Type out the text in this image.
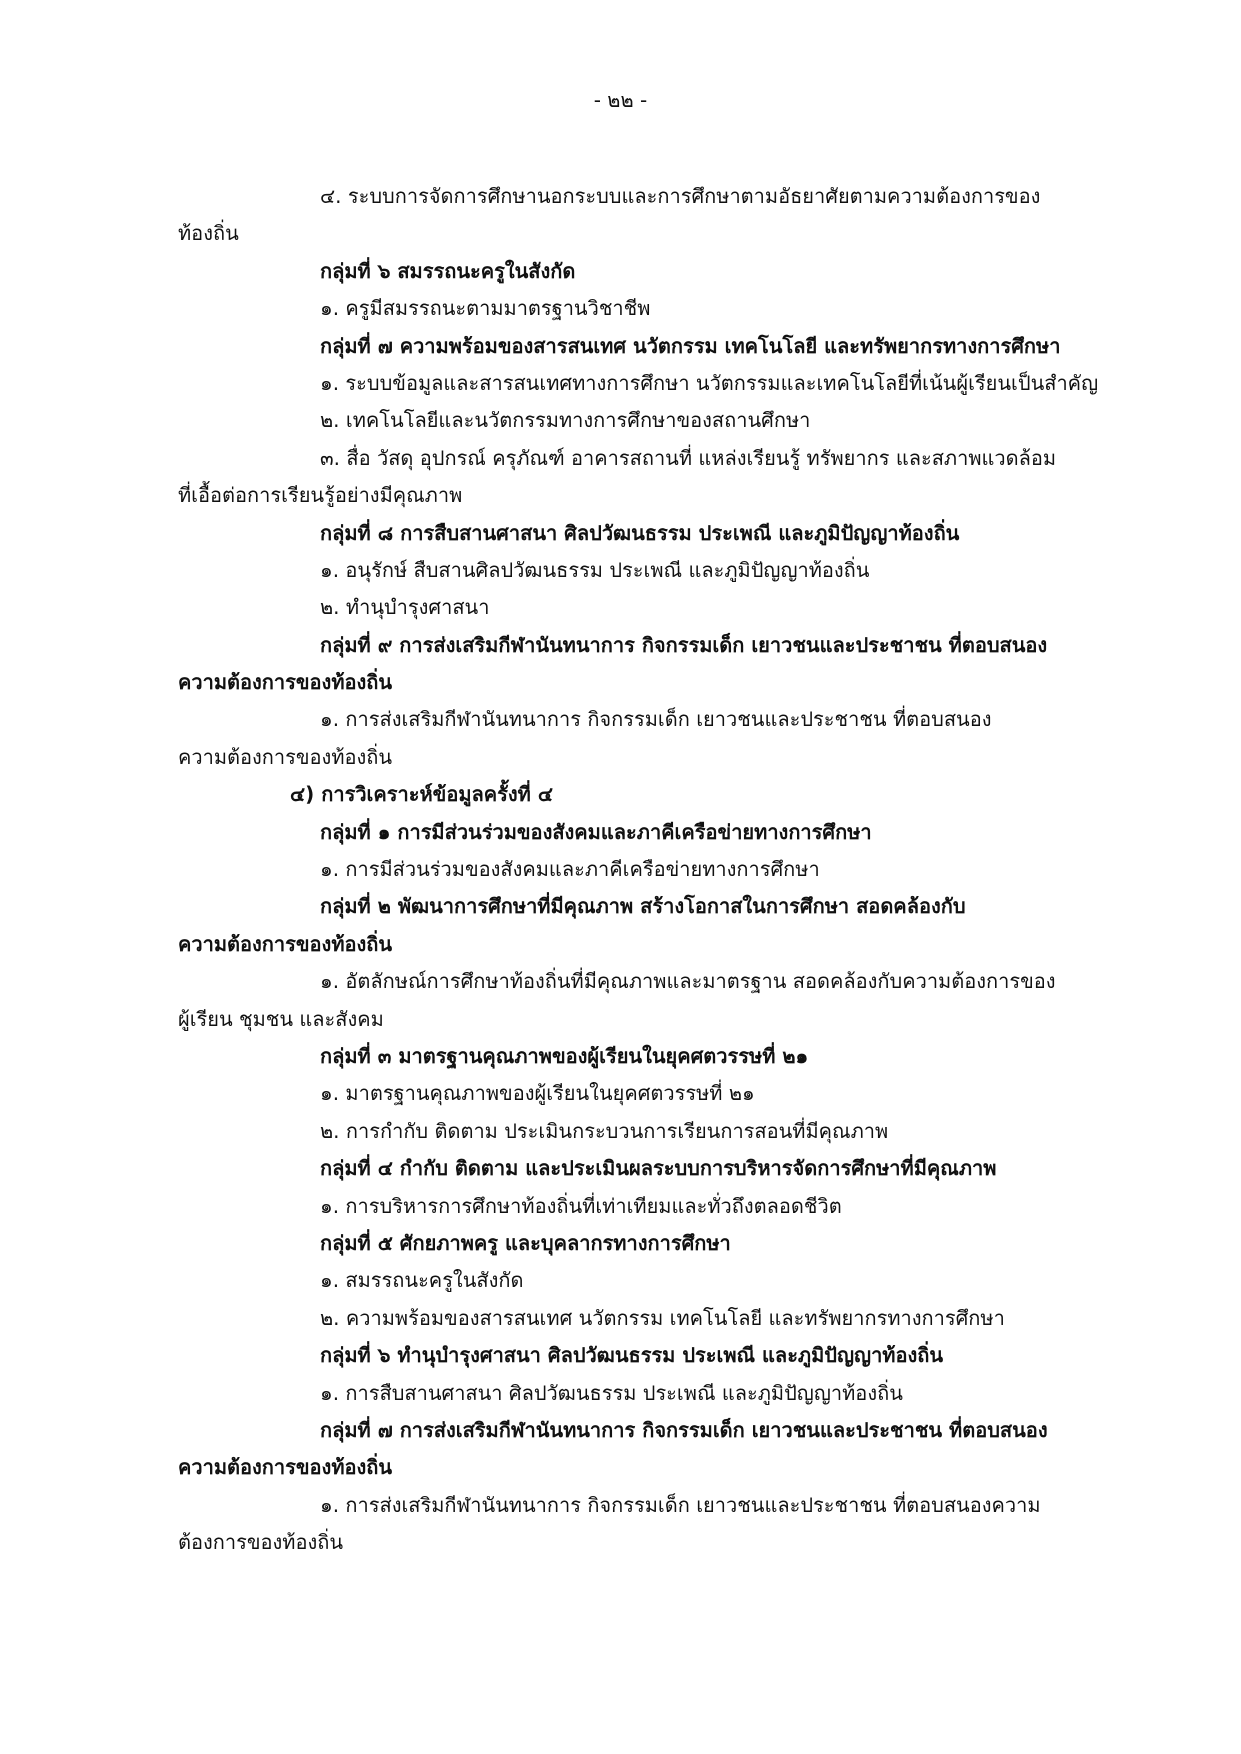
- ๒๒ -
๔. ระบบการจัดการศึกษานอกระบบและการศึกษาตามอัธยาศัยตามความต้องการของ
ท้องถิ่น
กลุ่มที่ ๖ สมรรถนะครูในสังกัด
๑. ครูมีสมรรถนะตามมาตรฐานวิชาชีพ
กลุ่มที่ ๗ ความพร้อมของสารสนเทศ นวัตกรรม เทคโนโลยี และทรัพยากรทางการศึกษา
๑. ระบบข้อมูลและสารสนเทศทางการศึกษา นวัตกรรมและเทคโนโลยีที่เน้นผู้เรียนเป็นสำคัญ
๒. เทคโนโลยีและนวัตกรรมทางการศึกษาของสถานศึกษา
๓. สื่อ วัสดุ อุปกรณ์ ครุภัณฑ์ อาคารสถานที่ แหล่งเรียนรู้ ทรัพยากร และสภาพแวดล้อม
ที่เอื้อต่อการเรียนรู้อย่างมีคุณภาพ
กลุ่มที่ ๘ การสืบสานศาสนา ศิลปวัฒนธรรม ประเพณี และภูมิปัญญาท้องถิ่น
๑. อนุรักษ์ สืบสานศิลปวัฒนธรรม ประเพณี และภูมิปัญญาท้องถิ่น
๒. ทำนุบำรุงศาสนา
กลุ่มที่ ๙ การส่งเสริมกีฬานันทนาการ กิจกรรมเด็ก เยาวชนและประชาชน ที่ตอบสนอง
ความต้องการของท้องถิ่น
๑. การส่งเสริมกีฬานันทนาการ กิจกรรมเด็ก เยาวชนและประชาชน ที่ตอบสนอง
ความต้องการของท้องถิ่น
๔) การวิเคราะห์ข้อมูลครั้งที่ ๔
กลุ่มที่ ๑ การมีส่วนร่วมของสังคมและภาคีเครือข่ายทางการศึกษา
๑. การมีส่วนร่วมของสังคมและภาคีเครือข่ายทางการศึกษา
กลุ่มที่ ๒ พัฒนาการศึกษาที่มีคุณภาพ สร้างโอกาสในการศึกษา สอดคล้องกับ
ความต้องการของท้องถิ่น
๑. อัตลักษณ์การศึกษาท้องถิ่นที่มีคุณภาพและมาตรฐาน สอดคล้องกับความต้องการของ
ผู้เรียน ชุมชน และสังคม
กลุ่มที่ ๓ มาตรฐานคุณภาพของผู้เรียนในยุคศตวรรษที่ ๒๑
๑. มาตรฐานคุณภาพของผู้เรียนในยุคศตวรรษที่ ๒๑
๒. การกำกับ ติดตาม ประเมินกระบวนการเรียนการสอนที่มีคุณภาพ
กลุ่มที่ ๔ กำกับ ติดตาม และประเมินผลระบบการบริหารจัดการศึกษาที่มีคุณภาพ
๑. การบริหารการศึกษาท้องถิ่นที่เท่าเทียมและทั่วถึงตลอดชีวิต
กลุ่มที่ ๕ ศักยภาพครู และบุคลากรทางการศึกษา
๑. สมรรถนะครูในสังกัด
๒. ความพร้อมของสารสนเทศ นวัตกรรม เทคโนโลยี และทรัพยากรทางการศึกษา
กลุ่มที่ ๖ ทำนุบำรุงศาสนา ศิลปวัฒนธรรม ประเพณี และภูมิปัญญาท้องถิ่น
๑. การสืบสานศาสนา ศิลปวัฒนธรรม ประเพณี และภูมิปัญญาท้องถิ่น
กลุ่มที่ ๗ การส่งเสริมกีฬานันทนาการ กิจกรรมเด็ก เยาวชนและประชาชน ที่ตอบสนอง
ความต้องการของท้องถิ่น
๑. การส่งเสริมกีฬานันทนาการ กิจกรรมเด็ก เยาวชนและประชาชน ที่ตอบสนองความ
ต้องการของท้องถิ่น
